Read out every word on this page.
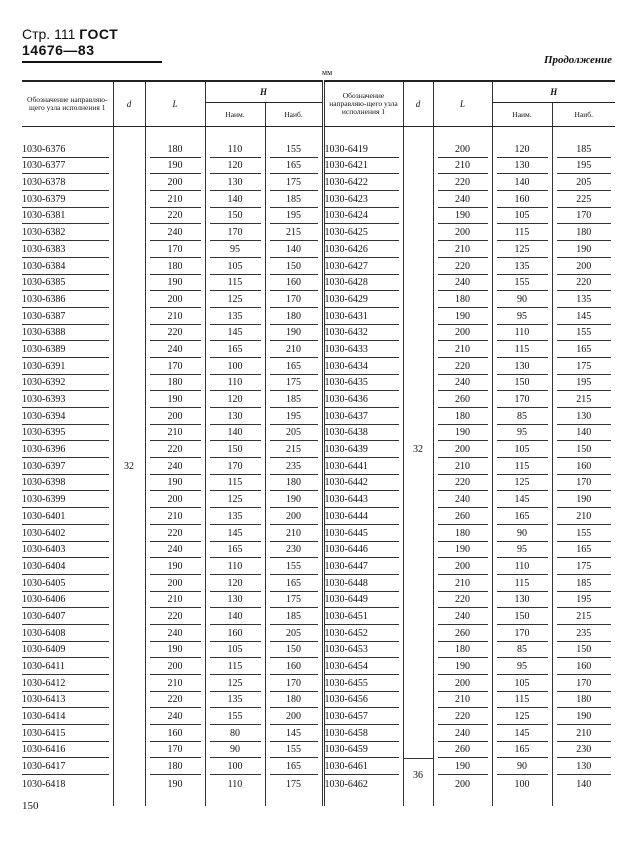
Стр. 111 ГОСТ 14676—83
Продолжение
мм
Обозначение направляю-щего узла исполнения 1	d	L	H		Обозначение направляю-щего узла исполнения 1	d	L	H	
			Наим.	Наиб.				Наим.	Наиб.

1030-6376	32	180	110	155	1030-6419	32	200	120	185

1030-6377		190	120	165	1030-6421		210	130	195

1030-6378		200	130	175	1030-6422		220	140	205

1030-6379		210	140	185	1030-6423		240	160	225

1030-6381		220	150	195	1030-6424		190	105	170

1030-6382		240	170	215	1030-6425		200	115	180

1030-6383		170	95	140	1030-6426		210	125	190

1030-6384		180	105	150	1030-6427		220	135	200

1030-6385		190	115	160	1030-6428		240	155	220

1030-6386		200	125	170	1030-6429		180	90	135

1030-6387		210	135	180	1030-6431		190	95	145

1030-6388		220	145	190	1030-6432		200	110	155

1030-6389		240	165	210	1030-6433		210	115	165

1030-6391		170	100	165	1030-6434		220	130	175

1030-6392		180	110	175	1030-6435		240	150	195

1030-6393		190	120	185	1030-6436		260	170	215

1030-6394		200	130	195	1030-6437		180	85	130

1030-6395		210	140	205	1030-6438		190	95	140

1030-6396		220	150	215	1030-6439		200	105	150

1030-6397		240	170	235	1030-6441		210	115	160

1030-6398		190	115	180	1030-6442		220	125	170

1030-6399		200	125	190	1030-6443		240	145	190

1030-6401		210	135	200	1030-6444		260	165	210

1030-6402		220	145	210	1030-6445		180	90	155

1030-6403		240	165	230	1030-6446		190	95	165

1030-6404		190	110	155	1030-6447		200	110	175

1030-6405		200	120	165	1030-6448		210	115	185

1030-6406		210	130	175	1030-6449		220	130	195

1030-6407		220	140	185	1030-6451		240	150	215

1030-6408		240	160	205	1030-6452		260	170	235

1030-6409		190	105	150	1030-6453		180	85	150

1030-6411		200	115	160	1030-6454		190	95	160

1030-6412		210	125	170	1030-6455		200	105	170

1030-6413		220	135	180	1030-6456		210	115	180

1030-6414		240	155	200	1030-6457		220	125	190

1030-6415		160	80	145	1030-6458		240	145	210

1030-6416		170	90	155	1030-6459		260	165	230

1030-6417		180	100	165	1030-6461	36	190	90	130

1030-6418		190	110	175	1030-6462		200	100	140

150
